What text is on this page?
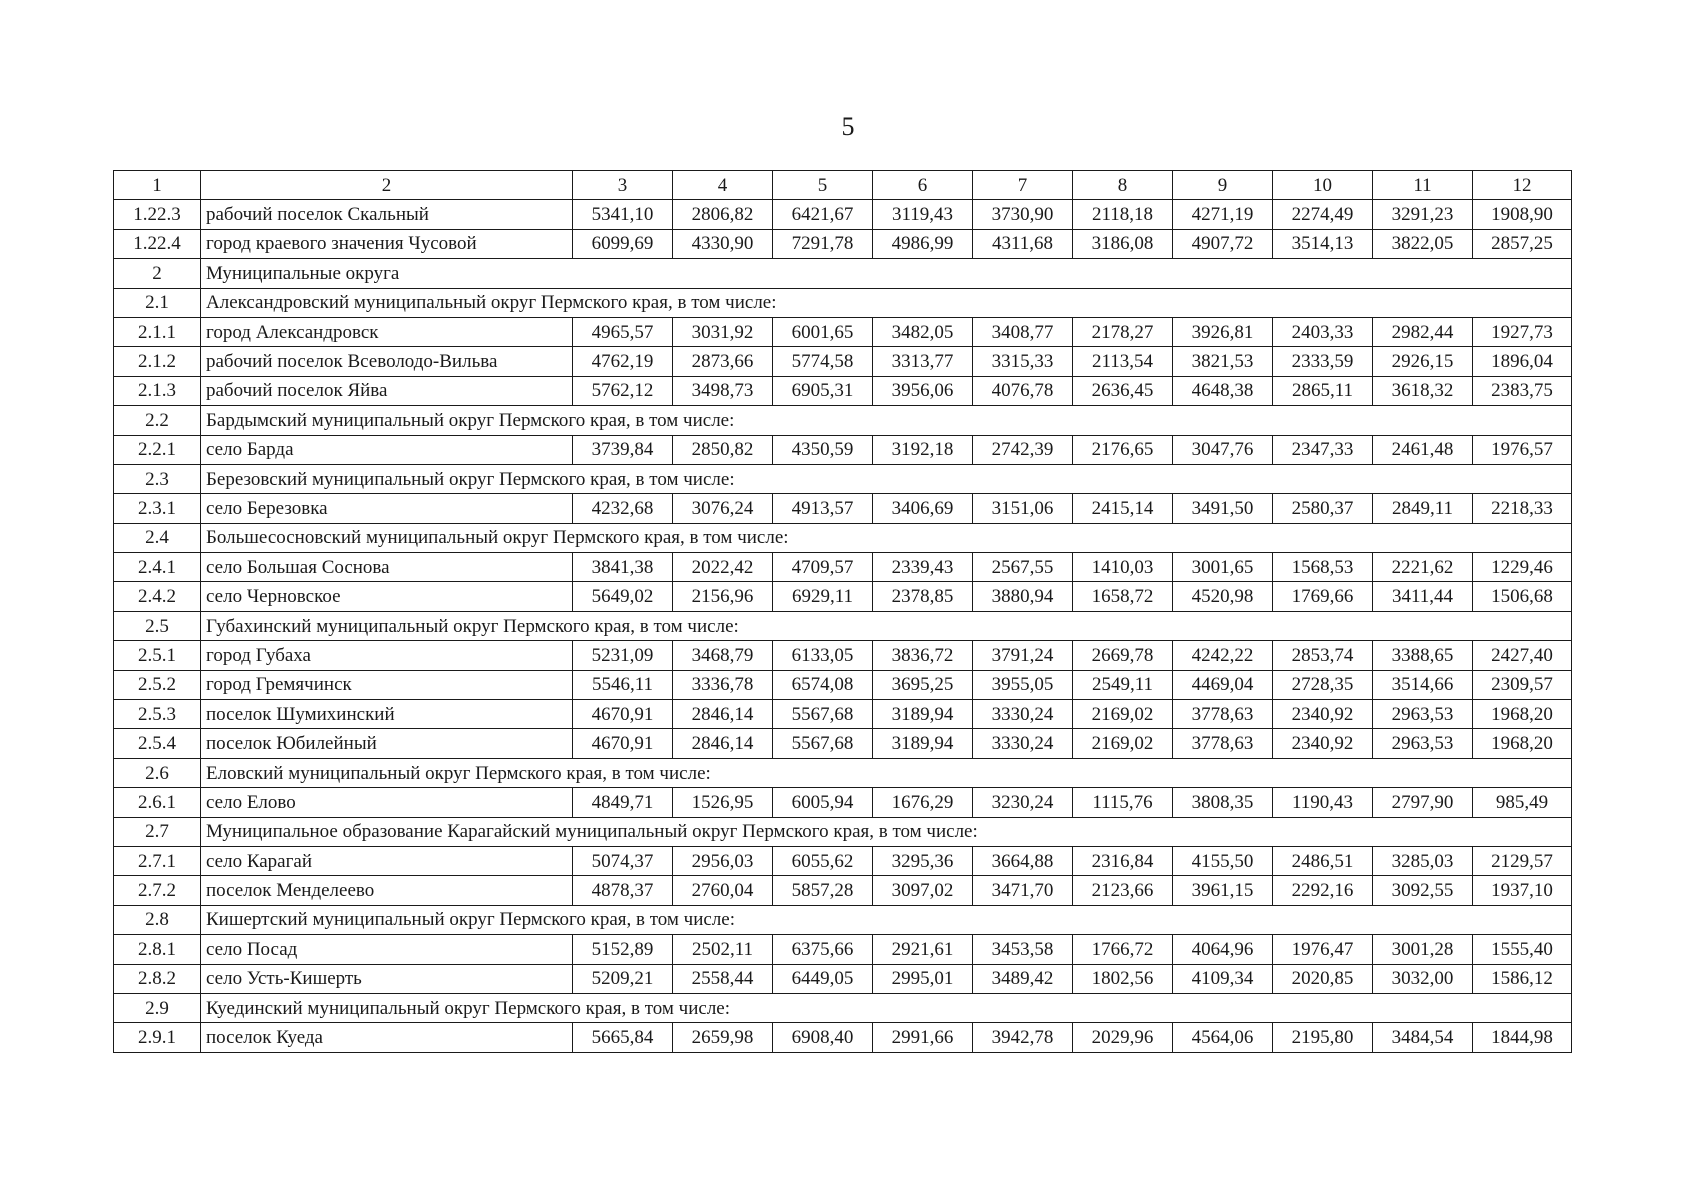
5
1	2	3	4	5	6	7	8	9	10	11	12
1.22.3	рабочий поселок Скальный	5341,10	2806,82	6421,67	3119,43	3730,90	2118,18	4271,19	2274,49	3291,23	1908,90
1.22.4	город краевого значения Чусовой	6099,69	4330,90	7291,78	4986,99	4311,68	3186,08	4907,72	3514,13	3822,05	2857,25
2	Муниципальные округа										
2.1	Александровский муниципальный округ Пермского края, в том числе:										
2.1.1	город Александровск	4965,57	3031,92	6001,65	3482,05	3408,77	2178,27	3926,81	2403,33	2982,44	1927,73
2.1.2	рабочий поселок Всеволодо-Вильва	4762,19	2873,66	5774,58	3313,77	3315,33	2113,54	3821,53	2333,59	2926,15	1896,04
2.1.3	рабочий поселок Яйва	5762,12	3498,73	6905,31	3956,06	4076,78	2636,45	4648,38	2865,11	3618,32	2383,75
2.2	Бардымский муниципальный округ Пермского края, в том числе:										
2.2.1	село Барда	3739,84	2850,82	4350,59	3192,18	2742,39	2176,65	3047,76	2347,33	2461,48	1976,57
2.3	Березовский муниципальный округ Пермского края, в том числе:										
2.3.1	село Березовка	4232,68	3076,24	4913,57	3406,69	3151,06	2415,14	3491,50	2580,37	2849,11	2218,33
2.4	Большесосновский муниципальный округ Пермского края, в том числе:										
2.4.1	село Большая Соснова	3841,38	2022,42	4709,57	2339,43	2567,55	1410,03	3001,65	1568,53	2221,62	1229,46
2.4.2	село Черновское	5649,02	2156,96	6929,11	2378,85	3880,94	1658,72	4520,98	1769,66	3411,44	1506,68
2.5	Губахинский муниципальный округ Пермского края, в том числе:										
2.5.1	город Губаха	5231,09	3468,79	6133,05	3836,72	3791,24	2669,78	4242,22	2853,74	3388,65	2427,40
2.5.2	город Гремячинск	5546,11	3336,78	6574,08	3695,25	3955,05	2549,11	4469,04	2728,35	3514,66	2309,57
2.5.3	поселок Шумихинский	4670,91	2846,14	5567,68	3189,94	3330,24	2169,02	3778,63	2340,92	2963,53	1968,20
2.5.4	поселок Юбилейный	4670,91	2846,14	5567,68	3189,94	3330,24	2169,02	3778,63	2340,92	2963,53	1968,20
2.6	Еловский муниципальный округ Пермского края, в том числе:										
2.6.1	село Елово	4849,71	1526,95	6005,94	1676,29	3230,24	1115,76	3808,35	1190,43	2797,90	985,49
2.7	Муниципальное образование Карагайский муниципальный округ Пермского края, в том числе:										
2.7.1	село Карагай	5074,37	2956,03	6055,62	3295,36	3664,88	2316,84	4155,50	2486,51	3285,03	2129,57
2.7.2	поселок Менделеево	4878,37	2760,04	5857,28	3097,02	3471,70	2123,66	3961,15	2292,16	3092,55	1937,10
2.8	Кишертский муниципальный округ Пермского края, в том числе:										
2.8.1	село Посад	5152,89	2502,11	6375,66	2921,61	3453,58	1766,72	4064,96	1976,47	3001,28	1555,40
2.8.2	село Усть-Кишерть	5209,21	2558,44	6449,05	2995,01	3489,42	1802,56	4109,34	2020,85	3032,00	1586,12
2.9	Куединский муниципальный округ Пермского края, в том числе:										
2.9.1	поселок Куеда	5665,84	2659,98	6908,40	2991,66	3942,78	2029,96	4564,06	2195,80	3484,54	1844,98
